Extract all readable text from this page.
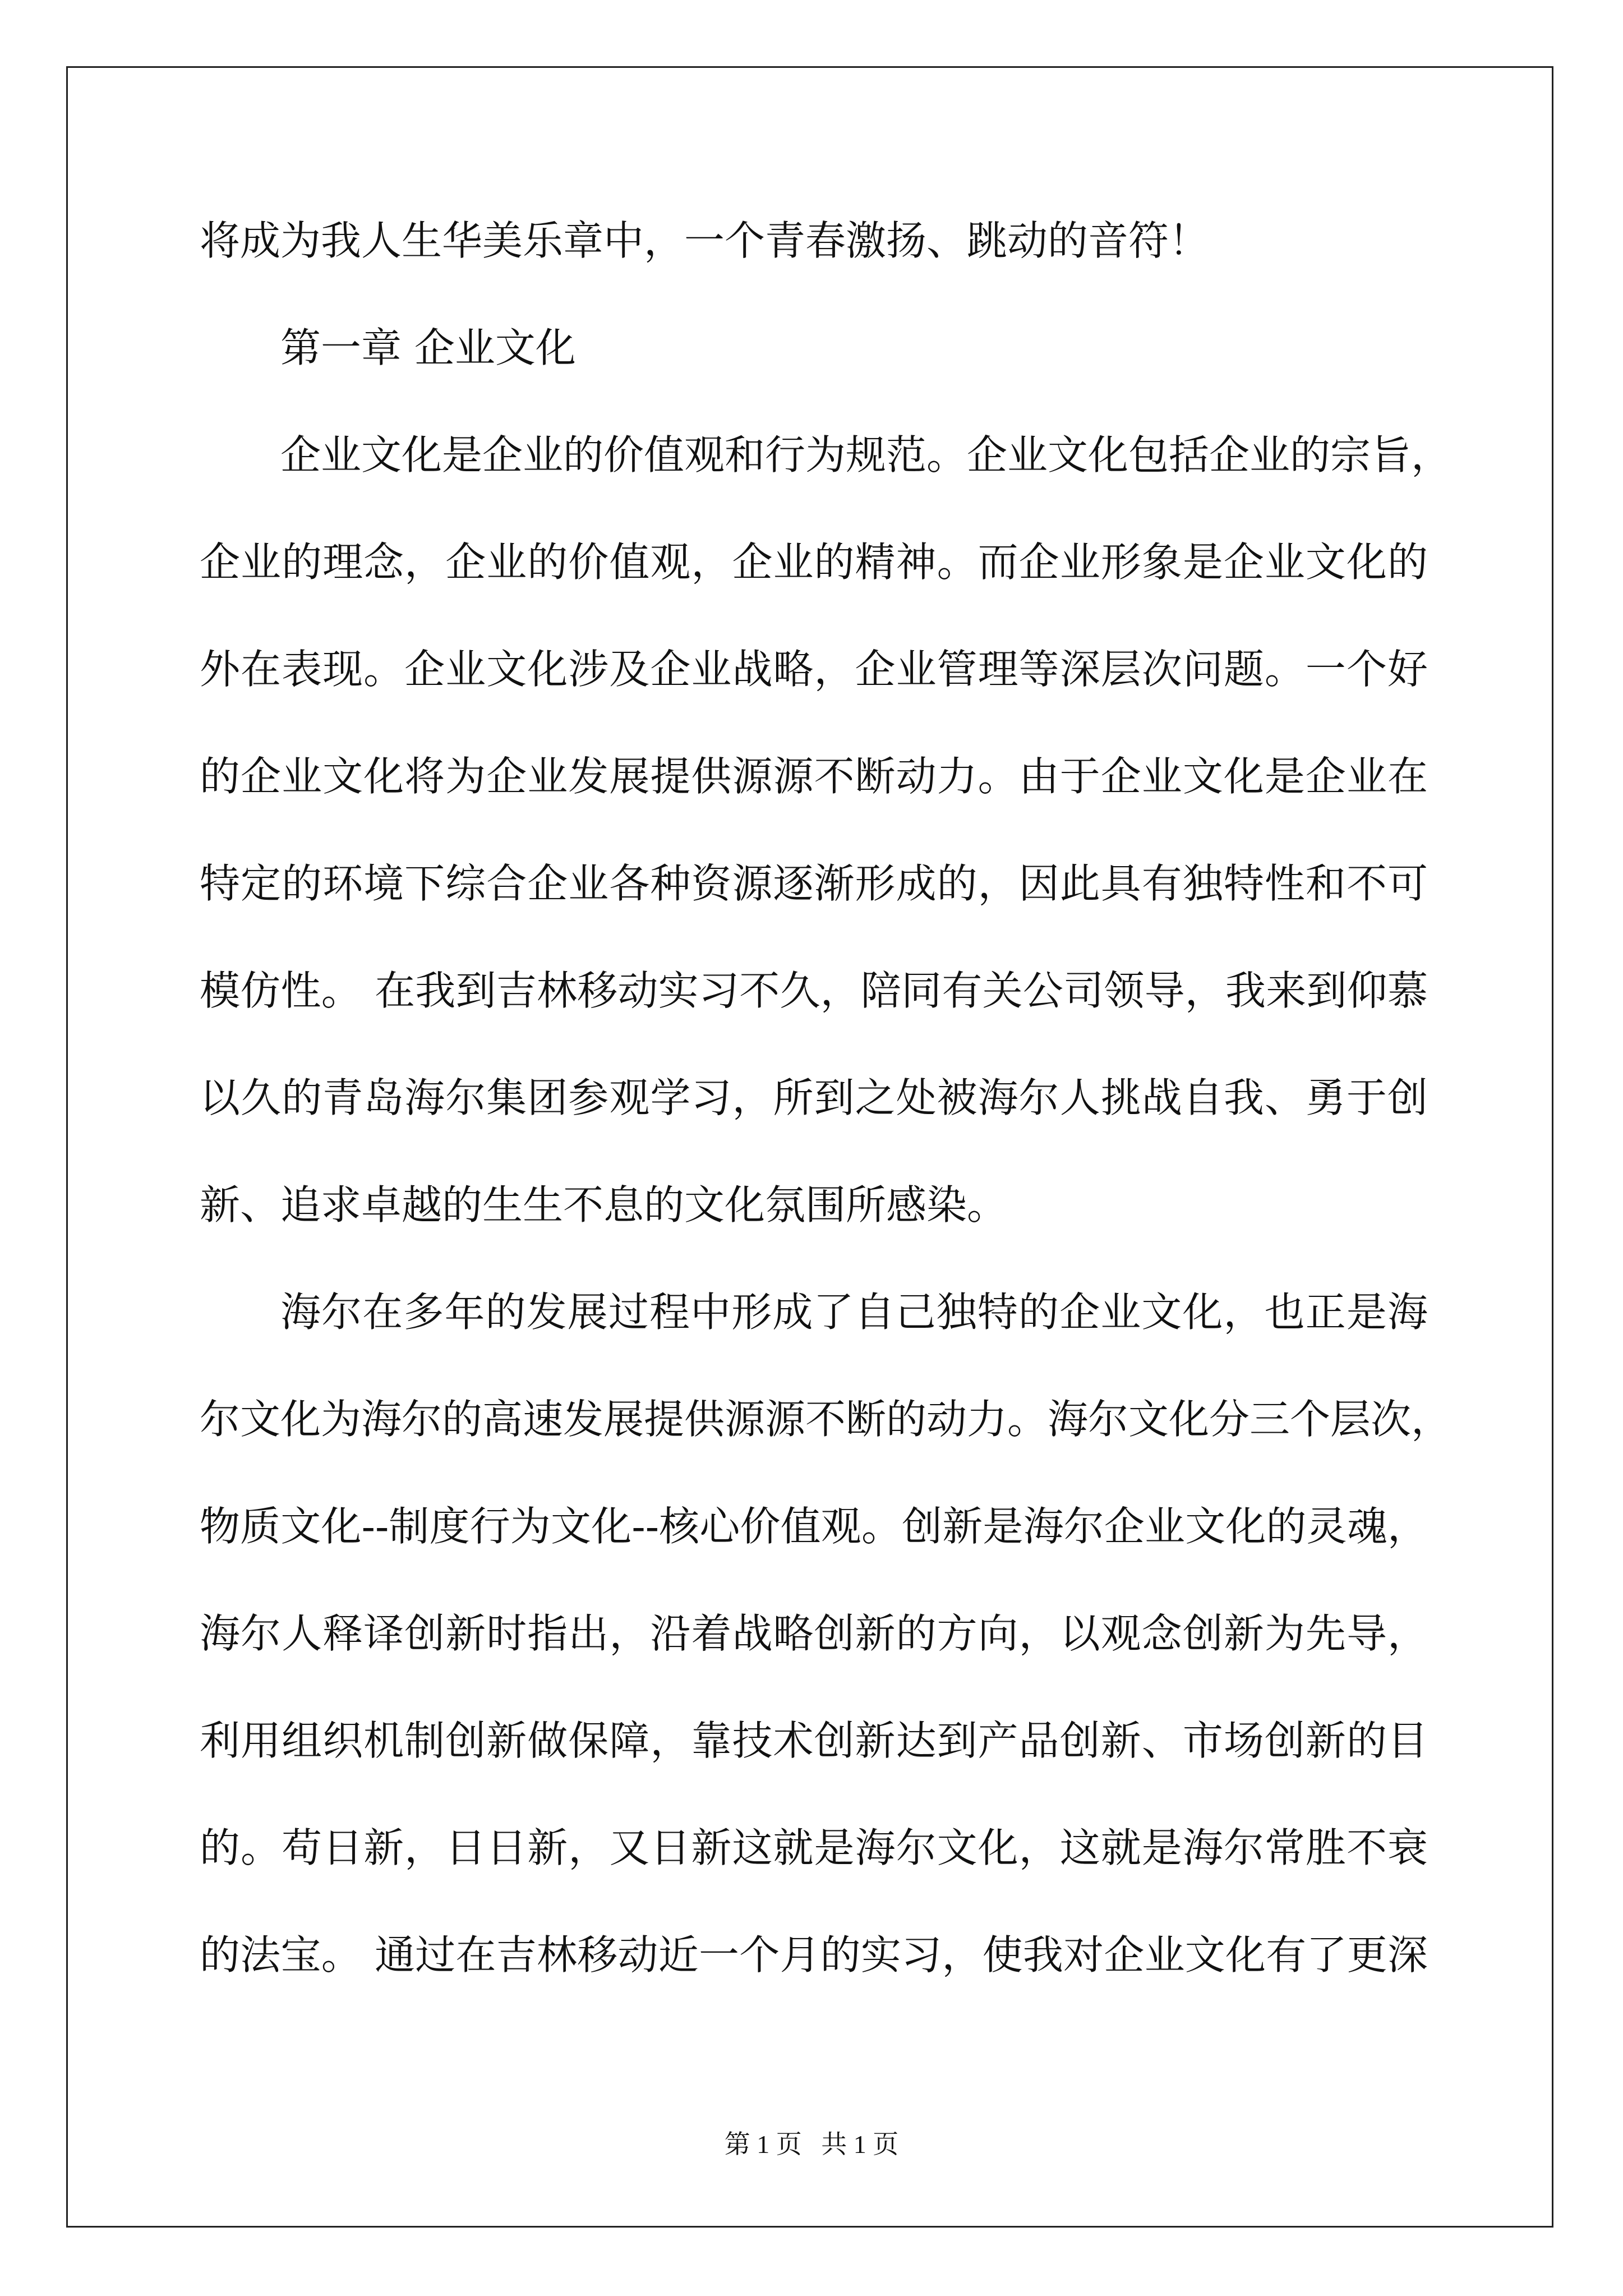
将成为我人生华美乐章中，一个青春激扬、跳动的音符！
第一章 企业文化
企业文化是企业的价值观和行为规范。企业文化包括企业的宗旨，
企业的理念，企业的价值观，企业的精神。而企业形象是企业文化的
外在表现。企业文化涉及企业战略，企业管理等深层次问题。一个好
的企业文化将为企业发展提供源源不断动力。由于企业文化是企业在
特定的环境下综合企业各种资源逐渐形成的，因此具有独特性和不可
模仿性。 在我到吉林移动实习不久，陪同有关公司领导，我来到仰慕
以久的青岛海尔集团参观学习，所到之处被海尔人挑战自我、勇于创
新、追求卓越的生生不息的文化氛围所感染。
海尔在多年的发展过程中形成了自己独特的企业文化，也正是海
尔文化为海尔的高速发展提供源源不断的动力。海尔文化分三个层次，
物质文化--制度行为文化--核心价值观。创新是海尔企业文化的灵魂，
海尔人释译创新时指出，沿着战略创新的方向，以观念创新为先导，
利用组织机制创新做保障，靠技术创新达到产品创新、市场创新的目
的。苟日新，日日新，又日新这就是海尔文化，这就是海尔常胜不衰
的法宝。 通过在吉林移动近一个月的实习，使我对企业文化有了更深
第 1 页   共 1 页
